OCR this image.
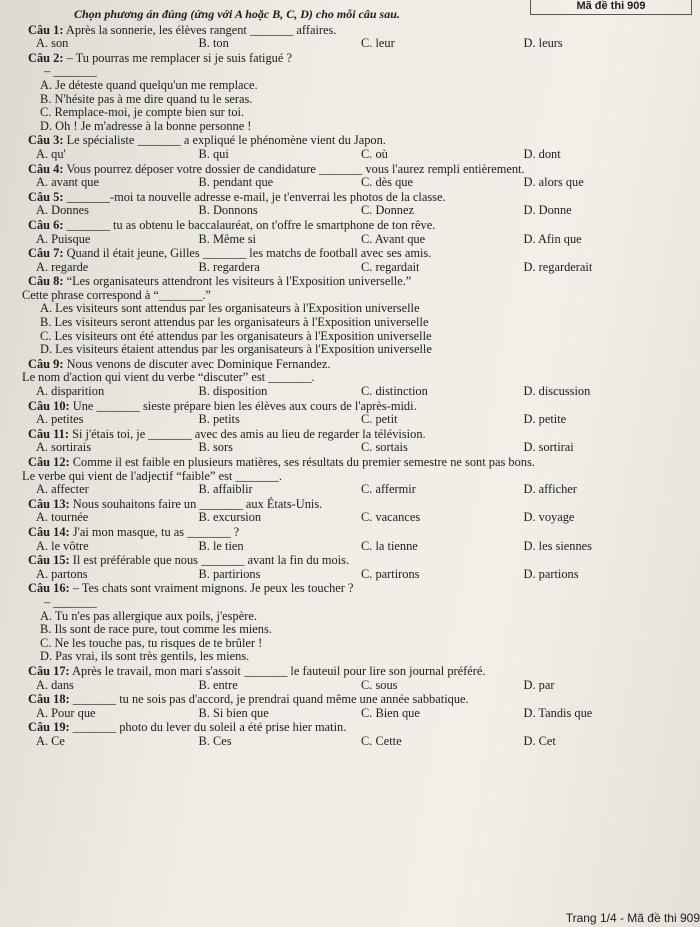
Mã đề thi 909
Chọn phương án đúng (ứng với A hoặc B, C, D) cho mỗi câu sau.
Câu 1: Après la sonnerie, les élèves rangent _______ affaires.
A. son	B. ton	C. leur	D. leurs
Câu 2: – Tu pourras me remplacer si je suis fatigué ?
– _______
A. Je déteste quand quelqu'un me remplace.
B. N'hésite pas à me dire quand tu le seras.
C. Remplace-moi, je compte bien sur toi.
D. Oh ! Je m'adresse à la bonne personne !
Câu 3: Le spécialiste _______ a expliqué le phénomène vient du Japon.
A. qu'	B. qui	C. où	D. dont
Câu 4: Vous pourrez déposer votre dossier de candidature _______ vous l'aurez rempli entièrement.
A. avant que	B. pendant que	C. dès que	D. alors que
Câu 5: _______-moi ta nouvelle adresse e-mail, je t'enverrai les photos de la classe.
A. Donnes	B. Donnons	C. Donnez	D. Donne
Câu 6: _______ tu as obtenu le baccalauréat, on t'offre le smartphone de ton rêve.
A. Puisque	B. Même si	C. Avant que	D. Afin que
Câu 7: Quand il était jeune, Gilles _______ les matchs de football avec ses amis.
A. regarde	B. regardera	C. regardait	D. regarderait
Câu 8: “Les organisateurs attendront les visiteurs à l'Exposition universelle.”
Cette phrase correspond à “_______.”
A. Les visiteurs sont attendus par les organisateurs à l'Exposition universelle
B. Les visiteurs seront attendus par les organisateurs à l'Exposition universelle
C. Les visiteurs ont été attendus par les organisateurs à l'Exposition universelle
D. Les visiteurs étaient attendus par les organisateurs à l'Exposition universelle
Câu 9: Nous venons de discuter avec Dominique Fernandez.
Le nom d'action qui vient du verbe “discuter” est _______.
A. disparition	B. disposition	C. distinction	D. discussion
Câu 10: Une _______ sieste prépare bien les élèves aux cours de l'après-midi.
A. petites	B. petits	C. petit	D. petite
Câu 11: Si j'étais toi, je _______ avec des amis au lieu de regarder la télévision.
A. sortirais	B. sors	C. sortais	D. sortirai
Câu 12: Comme il est faible en plusieurs matières, ses résultats du premier semestre ne sont pas bons.
Le verbe qui vient de l'adjectif “faible” est _______.
A. affecter	B. affaiblir	C. affermir	D. afficher
Câu 13: Nous souhaitons faire un _______ aux États-Unis.
A. tournée	B. excursion	C. vacances	D. voyage
Câu 14: J'ai mon masque, tu as _______ ?
A. le vôtre	B. le tien	C. la tienne	D. les siennes
Câu 15: Il est préférable que nous _______ avant la fin du mois.
A. partons	B. partirions	C. partirons	D. partions
Câu 16: – Tes chats sont vraiment mignons. Je peux les toucher ?
– _______
A. Tu n'es pas allergique aux poils, j'espère.
B. Ils sont de race pure, tout comme les miens.
C. Ne les touche pas, tu risques de te brûler !
D. Pas vrai, ils sont très gentils, les miens.
Câu 17: Après le travail, mon mari s'assoit _______ le fauteuil pour lire son journal préféré.
A. dans	B. entre	C. sous	D. par
Câu 18: _______ tu ne sois pas d'accord, je prendrai quand même une année sabbatique.
A. Pour que	B. Si bien que	C. Bien que	D. Tandis que
Câu 19: _______ photo du lever du soleil a été prise hier matin.
A. Ce	B. Ces	C. Cette	D. Cet
Trang 1/4 - Mã đề thi 909
